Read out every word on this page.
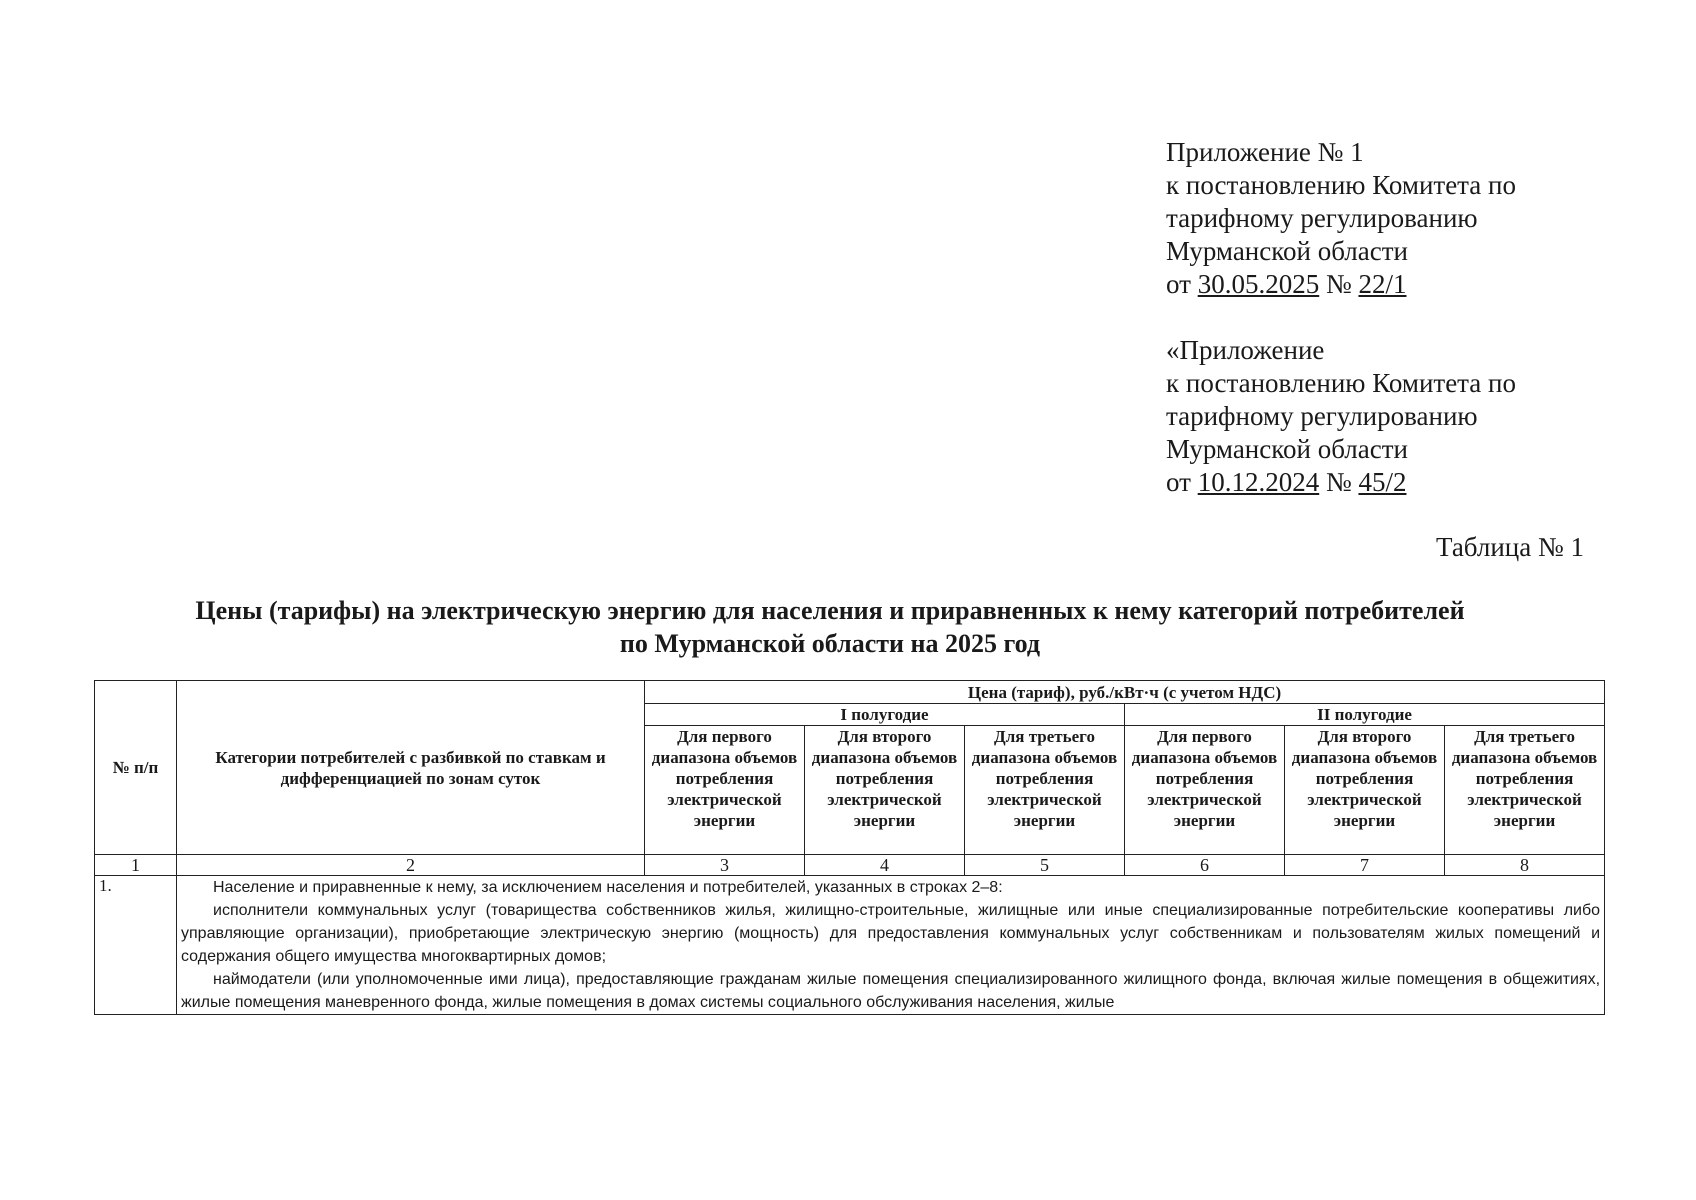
Приложение № 1
к постановлению Комитета по
тарифному регулированию
Мурманской области
от 30.05.2025 № 22/1
«Приложение
к постановлению Комитета по
тарифному регулированию
Мурманской области
от 10.12.2024 № 45/2
Таблица № 1
Цены (тарифы) на электрическую энергию для населения и приравненных к нему категорий потребителей
по Мурманской области на 2025 год
№ п/п	Категории потребителей с разбивкой по ставкам и дифференциацией по зонам суток	Цена (тариф), руб./кВт·ч (с учетом НДС)					
		I полугодие			II полугодие		
		Для первого диапазона объемов потребления электрической энергии	Для второго диапазона объемов потребления электрической энергии	Для третьего диапазона объемов потребления электрической энергии	Для первого диапазона объемов потребления электрической энергии	Для второго диапазона объемов потребления электрической энергии	Для третьего диапазона объемов потребления электрической энергии
1	2	3	4	5	6	7	8
1.	Население и приравненные к нему, за исключением населения и потребителей, указанных в строках 2–8:

исполнители коммунальных услуг (товарищества собственников жилья, жилищно-строительные, жилищные или иные специализированные потребительские кооперативы либо управляющие организации), приобретающие электрическую энергию (мощность) для предоставления коммунальных услуг собственникам и пользователям жилых помещений и содержания общего имущества многоквартирных домов;

наймодатели (или уполномоченные ими лица), предоставляющие гражданам жилые помещения специализированного жилищного фонда, включая жилые помещения в общежитиях, жилые помещения маневренного фонда, жилые помещения в домах системы социального обслуживания населения, жилые						
